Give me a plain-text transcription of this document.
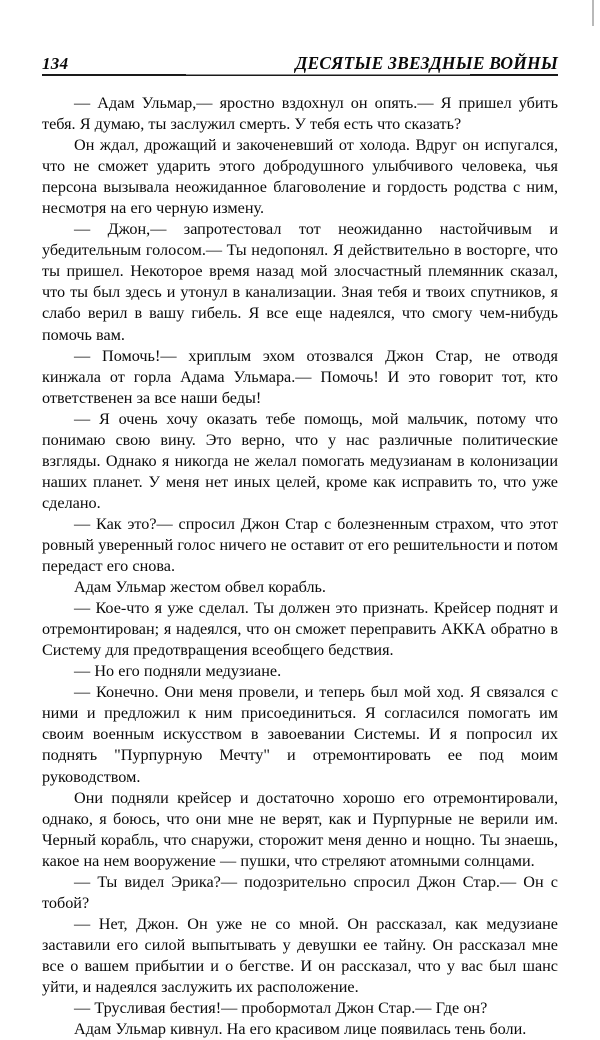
134	ДЕСЯТЫЕ ЗВЕЗДНЫЕ ВОЙНЫ

— Адам Ульмар,— яростно вздохнул он опять.— Я пришел убить тебя. Я думаю, ты заслужил смерть. У тебя есть что сказать?

Он ждал, дрожащий и закоченевший от холода. Вдруг он испугался, что не сможет ударить этого добродушного улыбчивого человека, чья персона вызывала неожиданное благоволение и гордость родства с ним, несмотря на его черную измену.

— Джон,— запротестовал тот неожиданно настойчивым и убедительным голосом.— Ты недопонял. Я действительно в восторге, что ты пришел. Некоторое время назад мой злосчастный племянник сказал, что ты был здесь и утонул в канализации. Зная тебя и твоих спутников, я слабо верил в вашу гибель. Я все еще надеялся, что смогу чем-нибудь помочь вам.

— Помочь!— хриплым эхом отозвался Джон Стар, не отводя кинжала от горла Адама Ульмара.— Помочь! И это говорит тот, кто ответственен за все наши беды!

— Я очень хочу оказать тебе помощь, мой мальчик, потому что понимаю свою вину. Это верно, что у нас различные политические взгляды. Однако я никогда не желал помогать медузианам в колонизации наших планет. У меня нет иных целей, кроме как исправить то, что уже сделано.

— Как это?— спросил Джон Стар с болезненным страхом, что этот ровный уверенный голос ничего не оставит от его решительности и потом передаст его снова.

Адам Ульмар жестом обвел корабль.

— Кое-что я уже сделал. Ты должен это признать. Крейсер поднят и отремонтирован; я надеялся, что он сможет переправить АККА обратно в Систему для предотвращения всеобщего бедствия.

— Но его подняли медузиане.

— Конечно. Они меня провели, и теперь был мой ход. Я связался с ними и предложил к ним присоединиться. Я согласился помогать им своим военным искусством в завоевании Системы. И я попросил их поднять "Пурпурную Мечту" и отремонтировать ее под моим руководством.

Они подняли крейсер и достаточно хорошо его отремонтировали, однако, я боюсь, что они мне не верят, как и Пурпурные не верили им. Черный корабль, что снаружи, сторожит меня денно и нощно. Ты знаешь, какое на нем вооружение — пушки, что стреляют атомными солнцами.

— Ты видел Эрика?— подозрительно спросил Джон Стар.— Он с тобой?

— Нет, Джон. Он уже не со мной. Он рассказал, как медузиане заставили его силой выпытывать у девушки ее тайну. Он рассказал мне все о вашем прибытии и о бегстве. И он рассказал, что у вас был шанс уйти, и надеялся заслужить их расположение.

— Трусливая бестия!— пробормотал Джон Стар.— Где он?

Адам Ульмар кивнул. На его красивом лице появилась тень боли.
